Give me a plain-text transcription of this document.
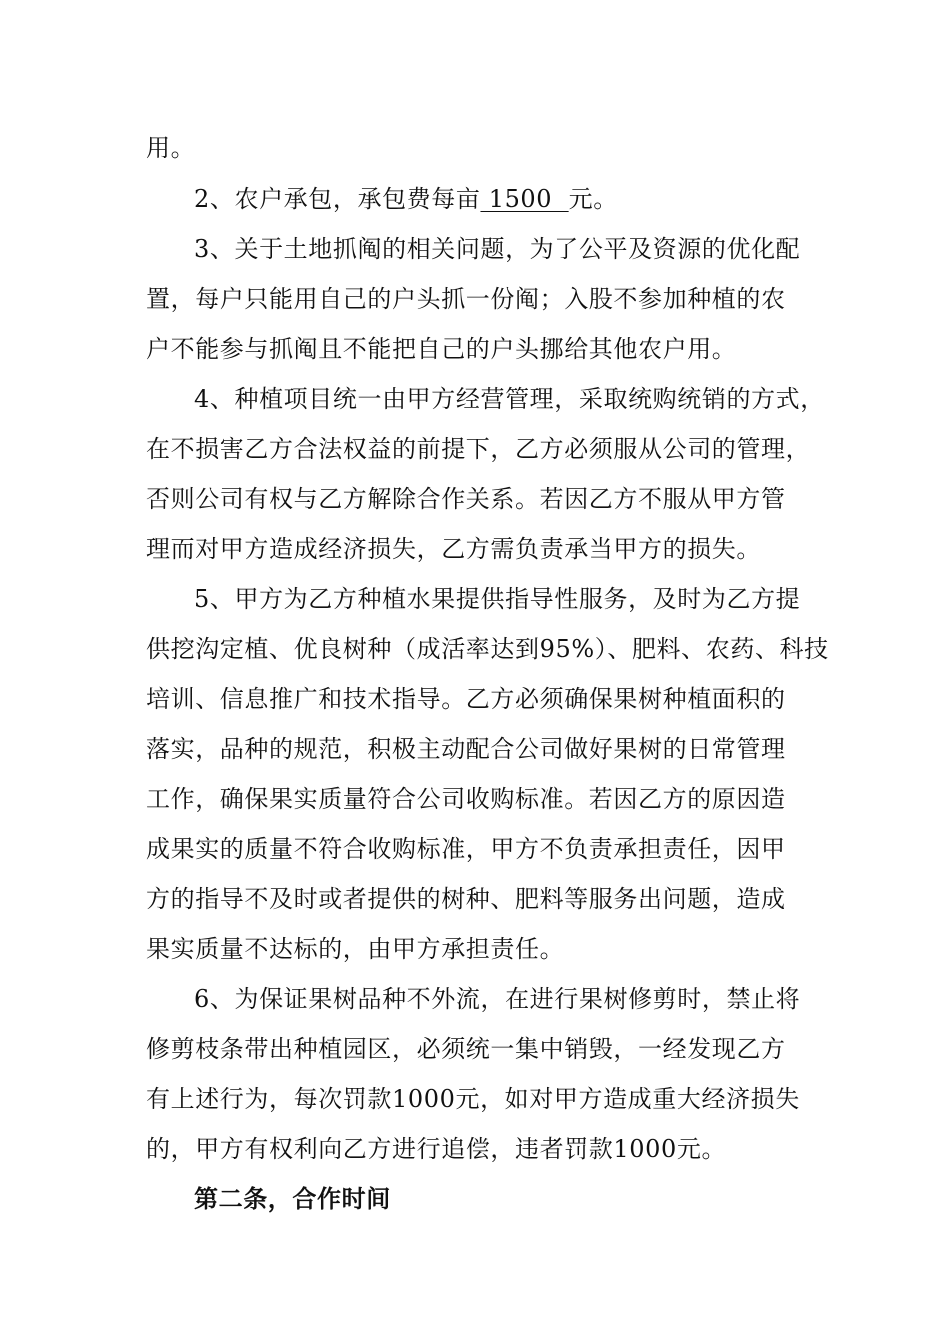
用。
2、农户承包，承包费每亩 1500  元。
3、关于土地抓阄的相关问题，为了公平及资源的优化配
置，每户只能用自己的户头抓一份阄；入股不参加种植的农
户不能参与抓阄且不能把自己的户头挪给其他农户用。
4、种植项目统一由甲方经营管理，采取统购统销的方式，
在不损害乙方合法权益的前提下，乙方必须服从公司的管理，
否则公司有权与乙方解除合作关系。若因乙方不服从甲方管
理而对甲方造成经济损失，乙方需负责承当甲方的损失。
5、甲方为乙方种植水果提供指导性服务，及时为乙方提
供挖沟定植、优良树种（成活率达到95%）、肥料、农药、科技
培训、信息推广和技术指导。乙方必须确保果树种植面积的
落实，品种的规范，积极主动配合公司做好果树的日常管理
工作，确保果实质量符合公司收购标准。若因乙方的原因造
成果实的质量不符合收购标准，甲方不负责承担责任，因甲
方的指导不及时或者提供的树种、肥料等服务出问题，造成
果实质量不达标的，由甲方承担责任。
6、为保证果树品种不外流，在进行果树修剪时，禁止将
修剪枝条带出种植园区，必须统一集中销毁，一经发现乙方
有上述行为，每次罚款1000元，如对甲方造成重大经济损失
的，甲方有权利向乙方进行追偿，违者罚款1000元。
第二条，合作时间
